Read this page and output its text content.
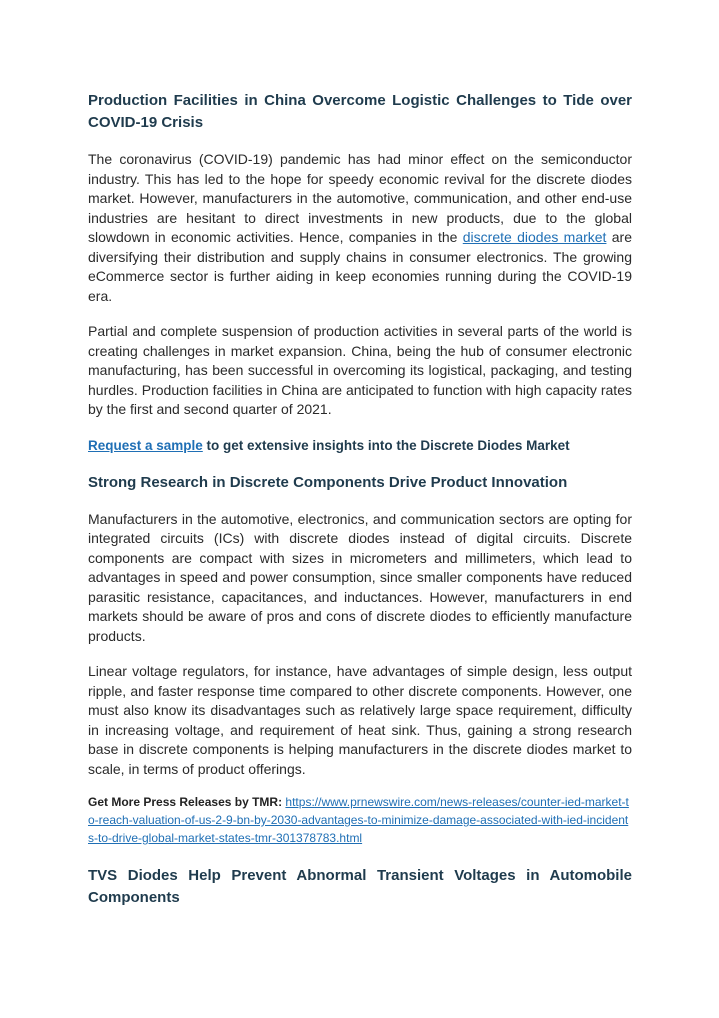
Production Facilities in China Overcome Logistic Challenges to Tide over COVID-19 Crisis

The coronavirus (COVID-19) pandemic has had minor effect on the semiconductor industry. This has led to the hope for speedy economic revival for the discrete diodes market. However, manufacturers in the automotive, communication, and other end-use industries are hesitant to direct investments in new products, due to the global slowdown in economic activities. Hence, companies in the discrete diodes market are diversifying their distribution and supply chains in consumer electronics. The growing eCommerce sector is further aiding in keep economies running during the COVID-19 era.

Partial and complete suspension of production activities in several parts of the world is creating challenges in market expansion. China, being the hub of consumer electronic manufacturing, has been successful in overcoming its logistical, packaging, and testing hurdles. Production facilities in China are anticipated to function with high capacity rates by the first and second quarter of 2021.

Request a sample to get extensive insights into the Discrete Diodes Market
Strong Research in Discrete Components Drive Product Innovation

Manufacturers in the automotive, electronics, and communication sectors are opting for integrated circuits (ICs) with discrete diodes instead of digital circuits. Discrete components are compact with sizes in micrometers and millimeters, which lead to advantages in speed and power consumption, since smaller components have reduced parasitic resistance, capacitances, and inductances. However, manufacturers in end markets should be aware of pros and cons of discrete diodes to efficiently manufacture products.

Linear voltage regulators, for instance, have advantages of simple design, less output ripple, and faster response time compared to other discrete components. However, one must also know its disadvantages such as relatively large space requirement, difficulty in increasing voltage, and requirement of heat sink. Thus, gaining a strong research base in discrete components is helping manufacturers in the discrete diodes market to scale, in terms of product offerings.

Get More Press Releases by TMR: https://www.prnewswire.com/news-releases/counter-ied-market-to-reach-valuation-of-us-2-9-bn-by-2030-advantages-to-minimize-damage-associated-with-ied-incidents-to-drive-global-market-states-tmr-301378783.html
TVS Diodes Help Prevent Abnormal Transient Voltages in Automobile Components
